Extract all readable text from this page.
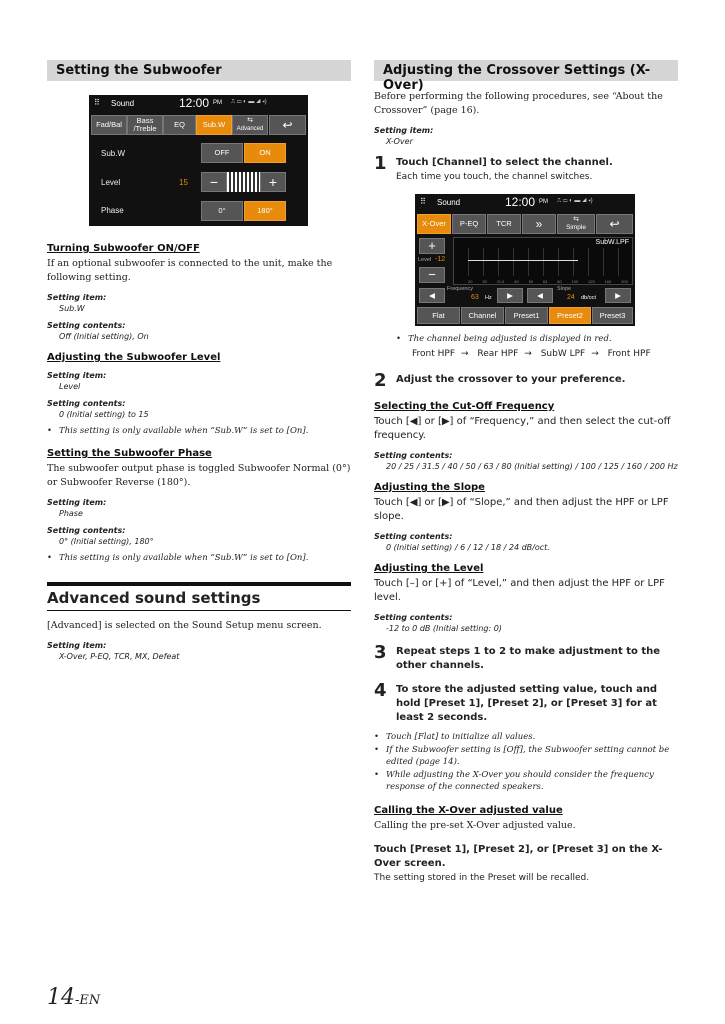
Setting the Subwoofer
⠿ Sound	12:00 PM ⎍ ▭ ◐ ▬ ◢ ◂)
Fad/Bal	Bass /Treble	EQ	Sub.W	⇆
Advanced ↩
Sub.W	OFF	ON
Level	15	−	+
Phase	0°	180°
Turning Subwoofer ON/OFF

If an optional subwoofer is connected to the unit, make the following setting.

Setting item:
Sub.W
Setting contents:
Off (Initial setting), On
Adjusting the Subwoofer Level
Setting item:
Level
Setting contents:
0 (Initial setting) to 15
• This setting is only available when “Sub.W” is set to [On].
Setting the Subwoofer Phase

The subwoofer output phase is toggled Subwoofer Normal (0°) or Subwoofer Reverse (180°).

Setting item:
Phase
Setting contents:
0° (Initial setting), 180°
• This setting is only available when “Sub.W” is set to [On].
Advanced sound settings

[Advanced] is selected on the Sound Setup menu screen.

Setting item:
X-Over, P-EQ, TCR, MX, Defeat
Adjusting the Crossover Settings (X-Over)

Before performing the following procedures, see “About the Crossover” (page 16).

Setting item:
X-Over
1 Touch [Channel] to select the channel.
Each time you touch, the channel switches.
⠿ Sound	12:00 PM ⎍ ▭ ◐ ▬ ◢ ◂)
X-Over	P-EQ	TCR	»	⇆
Simple ↩
+
Level -12
−
SubW.LPF
20 25 31.5 40 50 63 80 100 125 160 200
Frequency
◀	63 Hz ▶
Slope
◀	24 db/oct	▶
Flat	Channel	Preset1	Preset2	Preset3
• The channel being adjusted is displayed in red.
Front HPF → Rear HPF → SubW LPF → Front HPF
2 Adjust the crossover to your preference.
Selecting the Cut-Off Frequency

Touch [◀] or [▶] of “Frequency,” and then select the cut-off frequency.

Setting contents:
20 / 25 / 31.5 / 40 / 50 / 63 / 80 (Initial setting) / 100 / 125 / 160 / 200 Hz
Adjusting the Slope

Touch [◀] or [▶] of “Slope,” and then adjust the HPF or LPF slope.

Setting contents:
0 (Initial setting) / 6 / 12 / 18 / 24 dB/oct.
Adjusting the Level

Touch [–] or [+] of “Level,” and then adjust the HPF or LPF level.

Setting contents:
-12 to 0 dB (Initial setting: 0)
3 Repeat steps 1 to 2 to make adjustment to the other channels.
4 To store the adjusted setting value, touch and hold [Preset 1], [Preset 2], or [Preset 3] for at least 2 seconds.
• Touch [Flat] to initialize all values.
• If the Subwoofer setting is [Off], the Subwoofer setting cannot be edited (page 14).
• While adjusting the X-Over you should consider the frequency response of the connected speakers.
Calling the X-Over adjusted value

Calling the pre-set X-Over adjusted value.

Touch [Preset 1], [Preset 2], or [Preset 3] on the X-Over screen.

The setting stored in the Preset will be recalled.

14-EN
